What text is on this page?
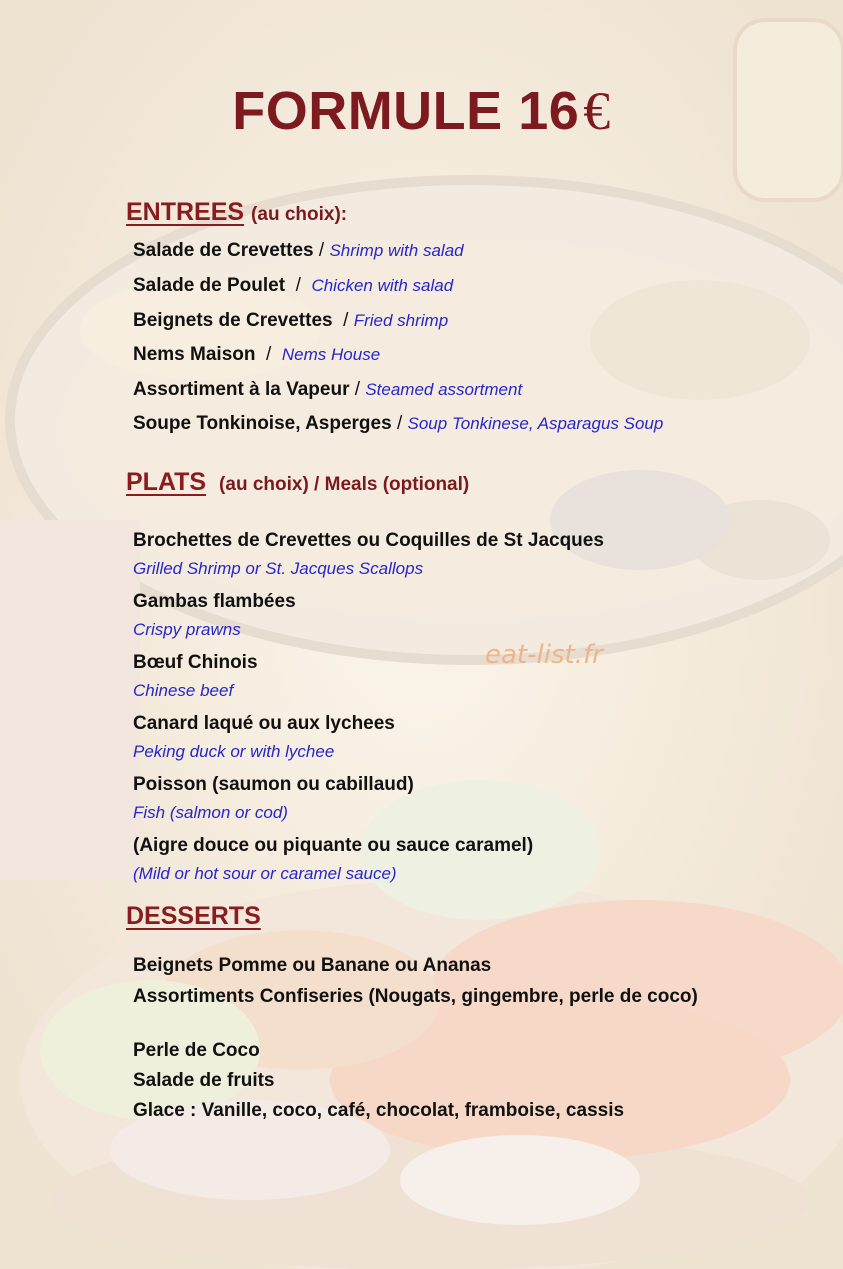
FORMULE 16€
ENTREES (au choix):
Salade de Crevettes / Shrimp with salad
Salade de Poulet  /  Chicken with salad
Beignets de Crevettes  / Fried shrimp
Nems Maison  /  Nems House
Assortiment à la Vapeur / Steamed assortment
Soupe Tonkinoise, Asperges / Soup Tonkinese, Asparagus Soup
PLATS (au choix) / Meals (optional)
Brochettes de Crevettes ou Coquilles de St Jacques
Grilled Shrimp or St. Jacques Scallops
Gambas flambées
Crispy prawns
Bœuf Chinois
Chinese beef
Canard laqué ou aux lychees
Peking duck or with lychee
Poisson (saumon ou cabillaud)
Fish (salmon or cod)
(Aigre douce ou piquante ou sauce caramel)
(Mild or hot sour or caramel sauce)
DESSERTS
Beignets Pomme ou Banane ou Ananas
Assortiments Confiseries (Nougats, gingembre, perle de coco)
Perle de Coco
Salade de fruits
Glace : Vanille, coco, café, chocolat, framboise, cassis
eat-list.fr
